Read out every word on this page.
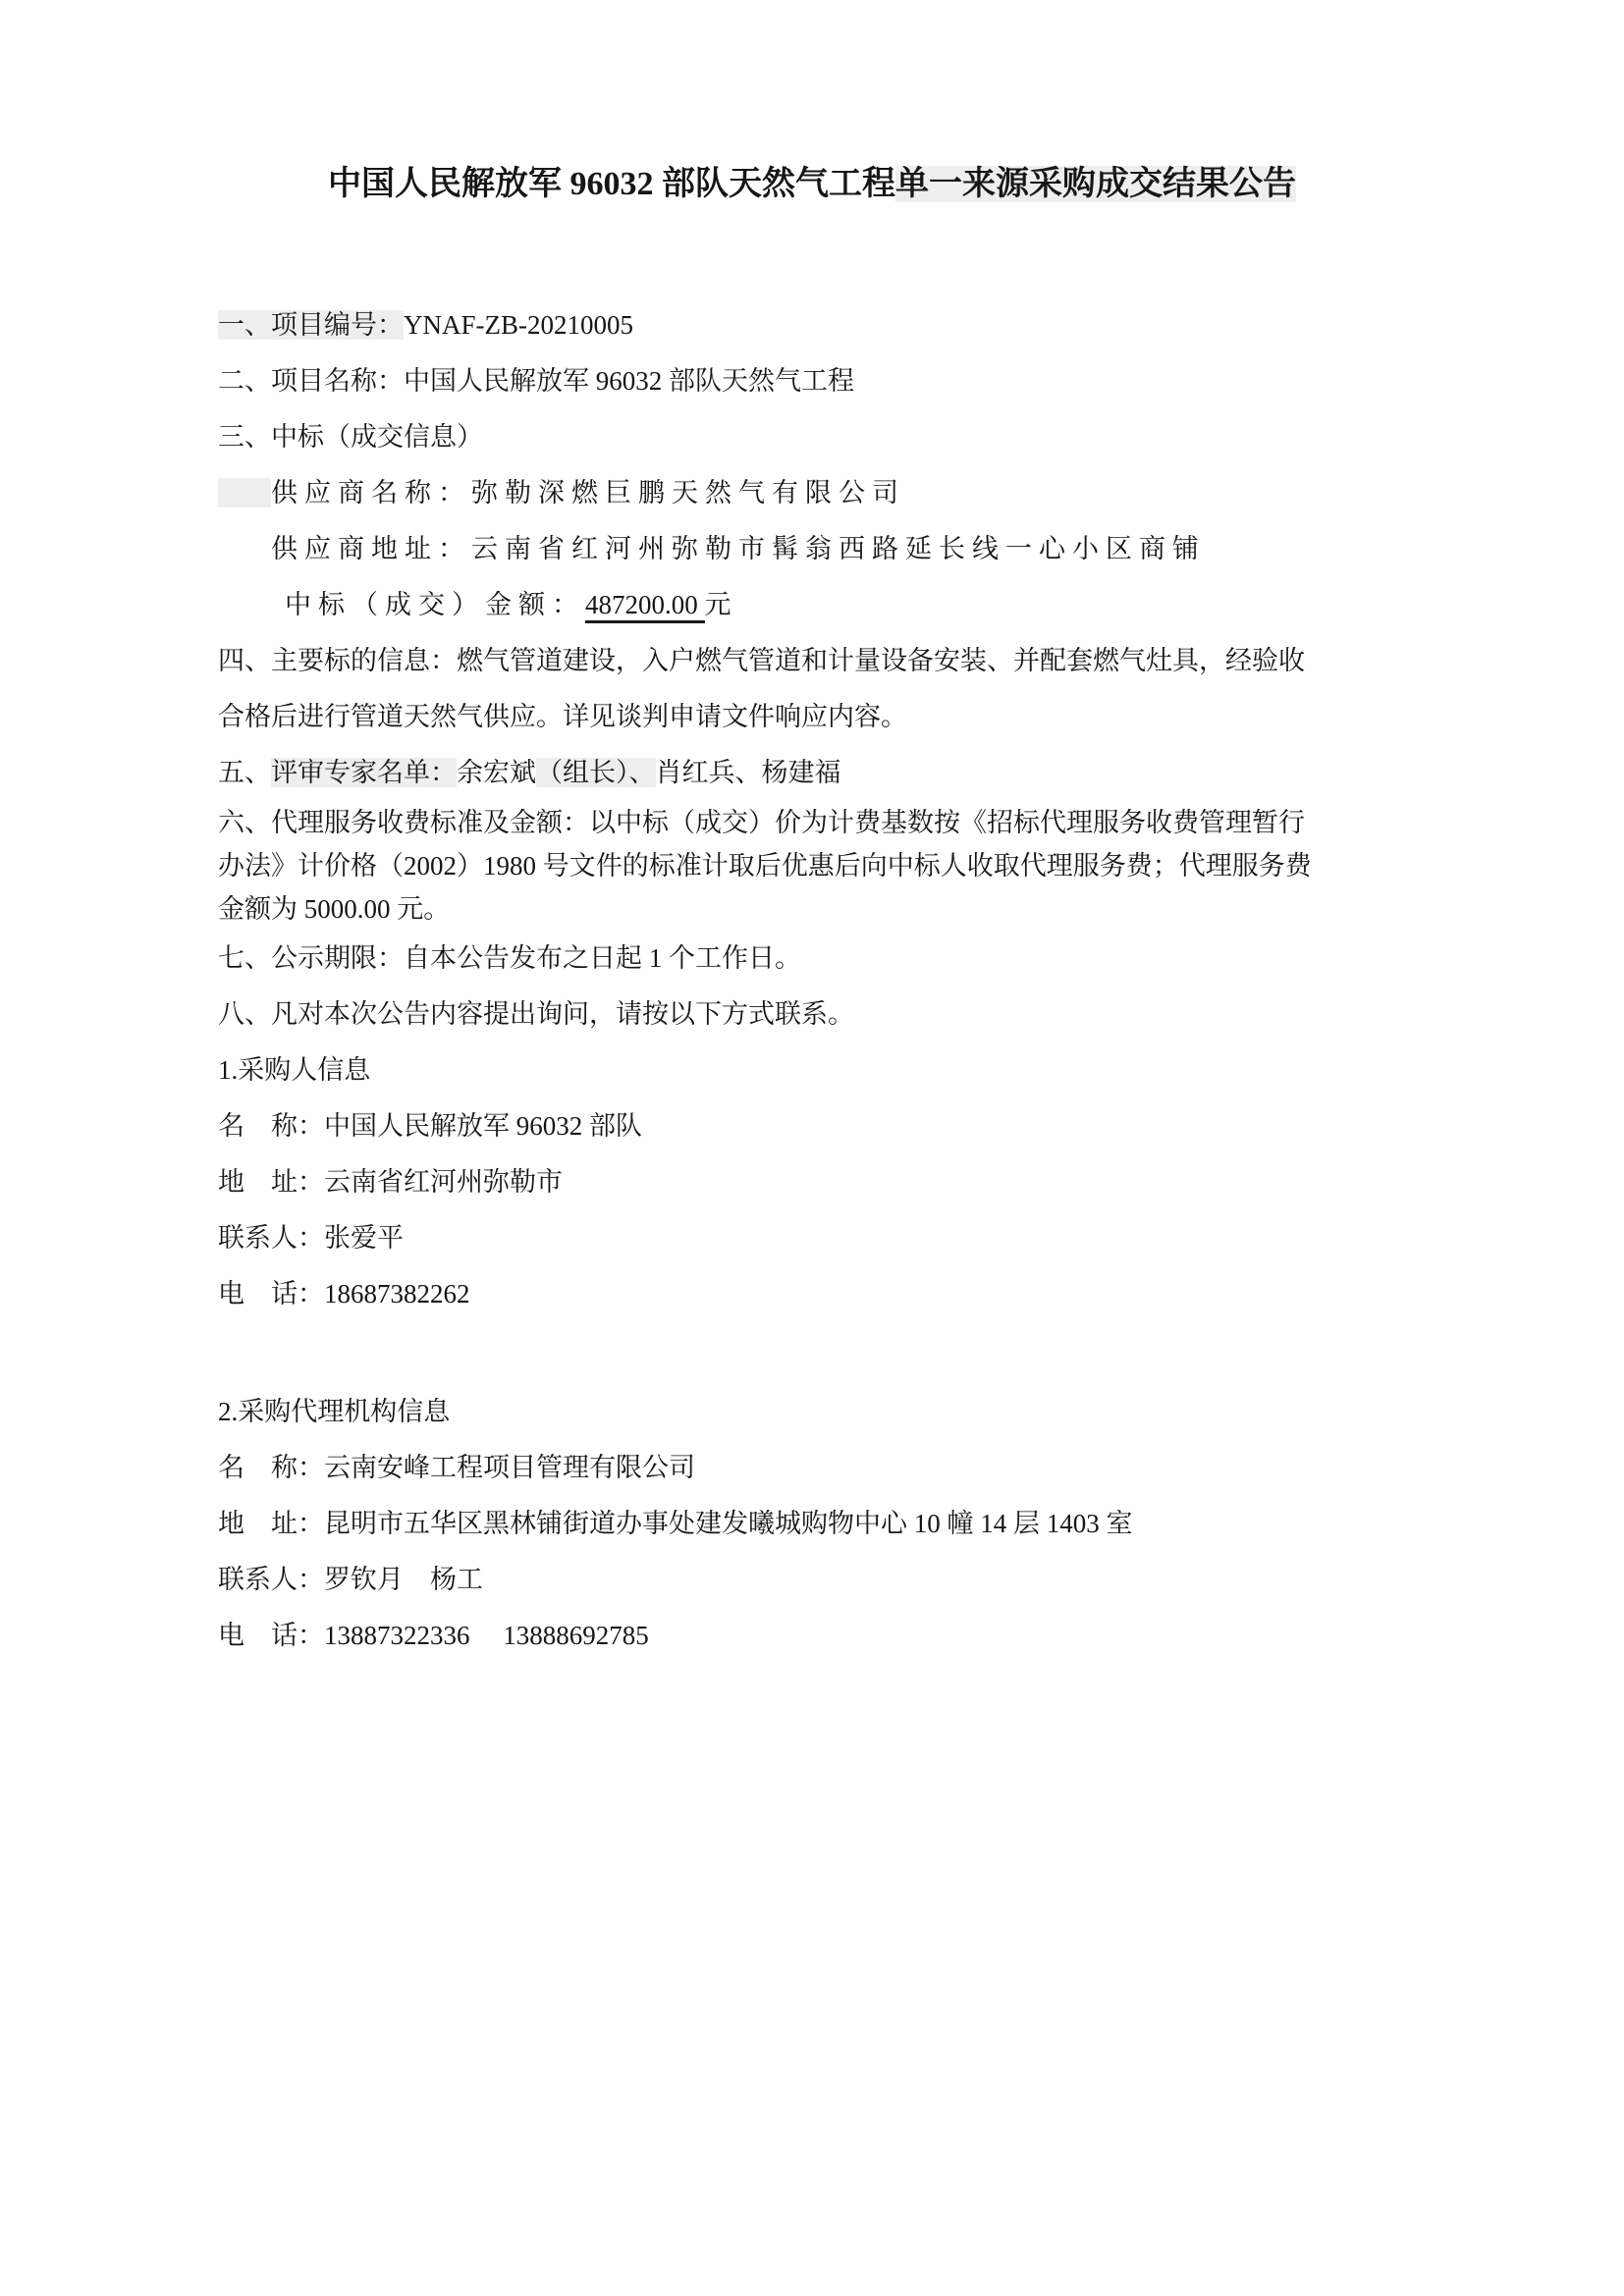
中国人民解放军 96032 部队天然气工程单一来源采购成交结果公告
一、项目编号：YNAF-ZB-20210005
二、项目名称：中国人民解放军 96032 部队天然气工程
三、中标（成交信息）
　　供应商名称：弥勒深燃巨鹏天然气有限公司
　　供应商地址：云南省红河州弥勒市髯翁西路延长线一心小区商铺
　　中标（成交）金额：487200.00 元
四、主要标的信息：燃气管道建设，入户燃气管道和计量设备安装、并配套燃气灶具，经验收
合格后进行管道天然气供应。详见谈判申请文件响应内容。
五、评审专家名单：余宏斌（组长）、肖红兵、杨建福
六、代理服务收费标准及金额：以中标（成交）价为计费基数按《招标代理服务收费管理暂行
办法》计价格（2002）1980 号文件的标准计取后优惠后向中标人收取代理服务费；代理服务费
金额为 5000.00 元。
七、公示期限：自本公告发布之日起 1 个工作日。
八、凡对本次公告内容提出询问，请按以下方式联系。
1.采购人信息
名　称：中国人民解放军 96032 部队
地　址：云南省红河州弥勒市
联系人：张爱平
电　话：18687382262
2.采购代理机构信息
名　称：云南安峰工程项目管理有限公司
地　址：昆明市五华区黑林铺街道办事处建发曦城购物中心 10 幢 14 层 1403 室
联系人：罗钦月　杨工
电　话：13887322336　 13888692785
